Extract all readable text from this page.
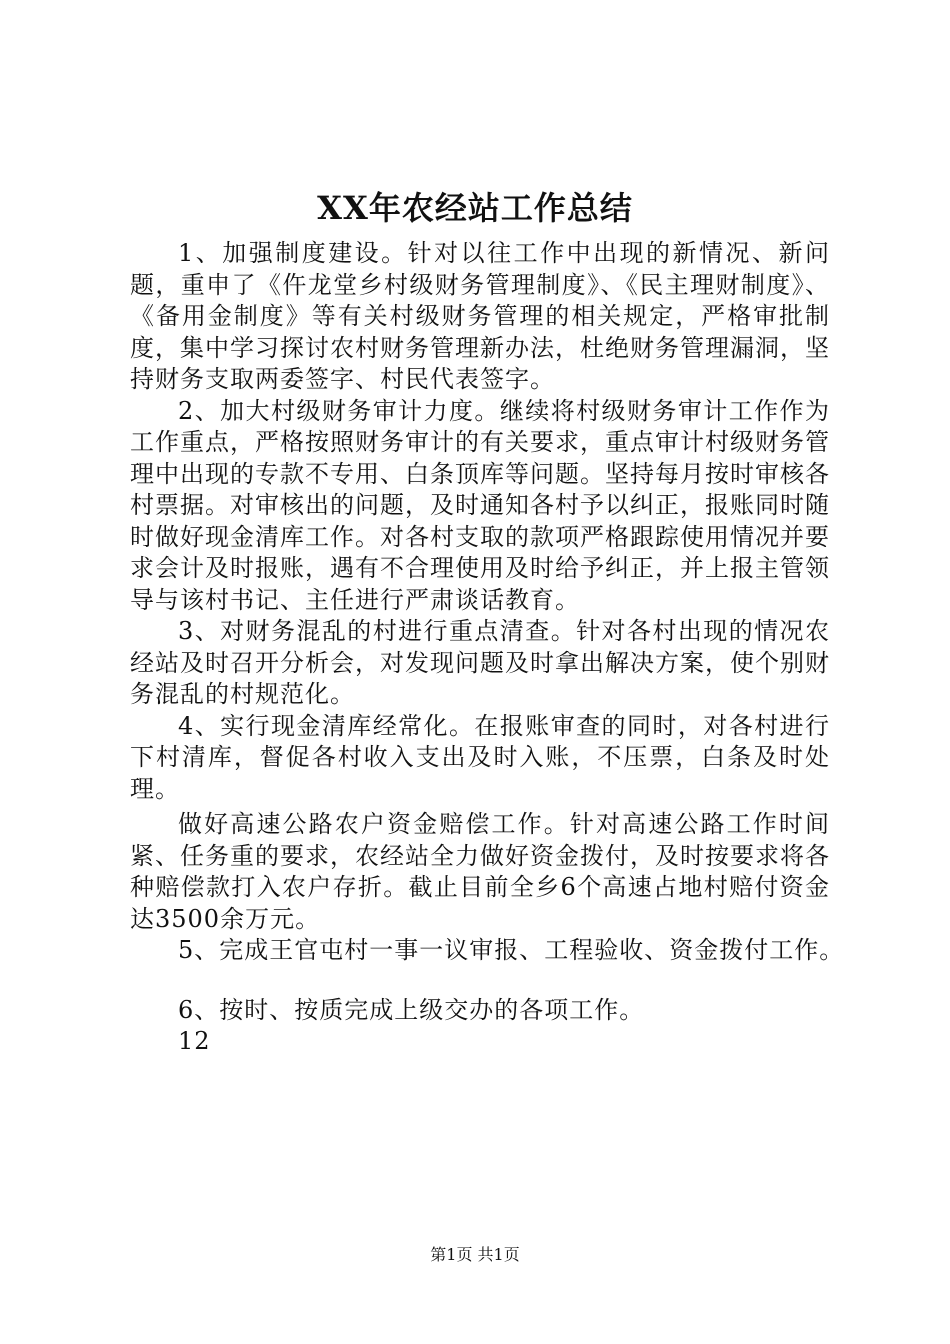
XX年农经站工作总结

1、加强制度建设。针对以往工作中出现的新情况、新问题，重申了《仵龙堂乡村级财务管理制度》、《民主理财制度》、《备用金制度》等有关村级财务管理的相关规定，严格审批制度，集中学习探讨农村财务管理新办法，杜绝财务管理漏洞，坚持财务支取两委签字、村民代表签字。

2、加大村级财务审计力度。继续将村级财务审计工作作为工作重点，严格按照财务审计的有关要求，重点审计村级财务管理中出现的专款不专用、白条顶库等问题。坚持每月按时审核各村票据。对审核出的问题，及时通知各村予以纠正，报账同时随时做好现金清库工作。对各村支取的款项严格跟踪使用情况并要求会计及时报账，遇有不合理使用及时给予纠正，并上报主管领导与该村书记、主任进行严肃谈话教育。

3、对财务混乱的村进行重点清查。针对各村出现的情况农经站及时召开分析会，对发现问题及时拿出解决方案，使个别财务混乱的村规范化。

4、实行现金清库经常化。在报账审查的同时，对各村进行下村清库，督促各村收入支出及时入账，不压票，白条及时处理。

做好高速公路农户资金赔偿工作。针对高速公路工作时间紧、任务重的要求，农经站全力做好资金拨付，及时按要求将各种赔偿款打入农户存折。截止目前全乡6个高速占地村赔付资金达3500余万元。

5、完成王官屯村一事一议审报、工程验收、资金拨付工作。

6、按时、按质完成上级交办的各项工作。

12

第1页 共1页
